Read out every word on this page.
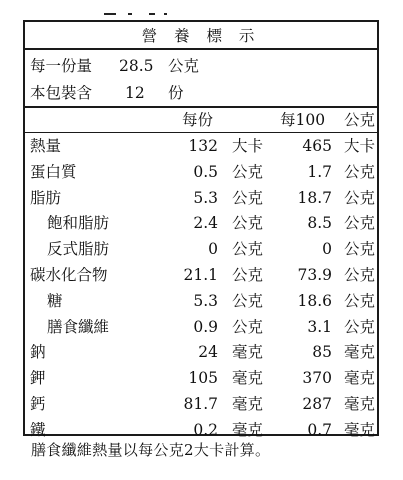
營 養 標 示
每一份量 28.5 公克
本包裝含 12 份
每份	每100 公克
熱量	132 大卡	465 大卡
蛋白質	0.5 公克	1.7 公克
脂肪	5.3 公克 18.7 公克
飽和脂肪	2.4 公克	8.5 公克
反式脂肪	0 公克	0 公克
碳水化合物	21.1 公克 73.9 公克
糖	5.3 公克 18.6 公克
膳食纖維	0.9 公克	3.1 公克
鈉	24 毫克	85 毫克
鉀	105 毫克	370 毫克
鈣	81.7 毫克	287 毫克
鐵	0.2 毫克	0.7 毫克
膳食纖維熱量以每公克2大卡計算。
